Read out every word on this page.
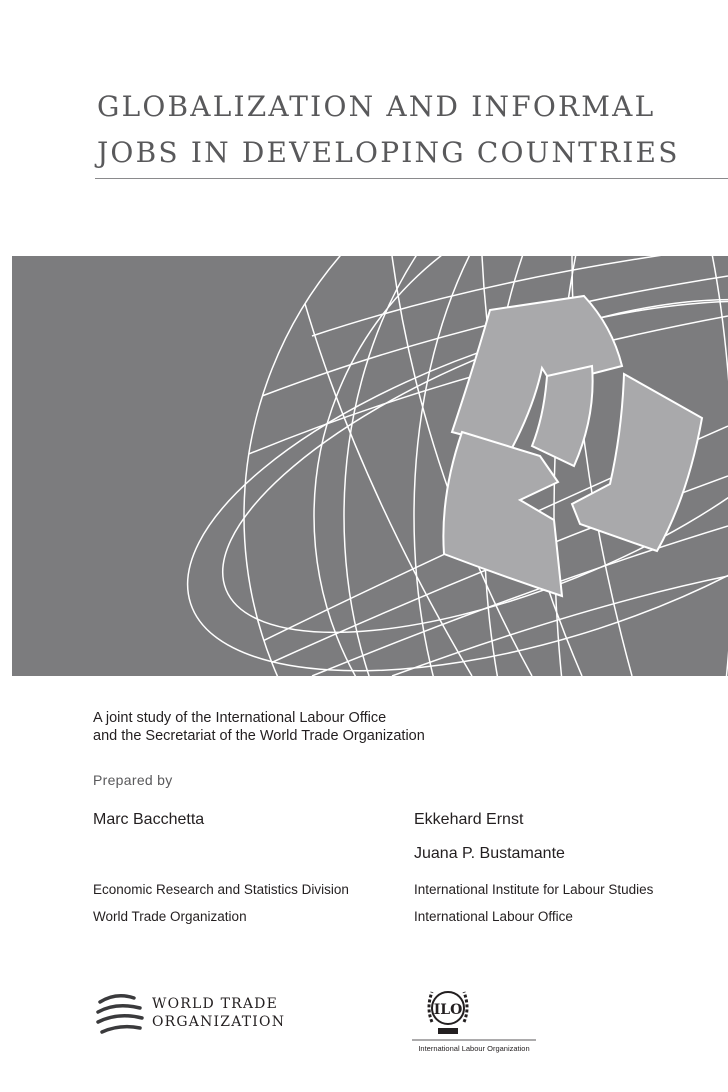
GLOBALIZATION AND INFORMAL
JOBS IN DEVELOPING COUNTRIES
A joint study of the International Labour Office
and the Secretariat of the World Trade Organization
Prepared by
Marc Bacchetta	Ekkehard Ernst
Juana P. Bustamante
Economic Research and Statistics Division
World Trade Organization
International Institute for Labour Studies
International Labour Office
WORLD TRADE
ORGANIZATION
ILO
International Labour Organization
